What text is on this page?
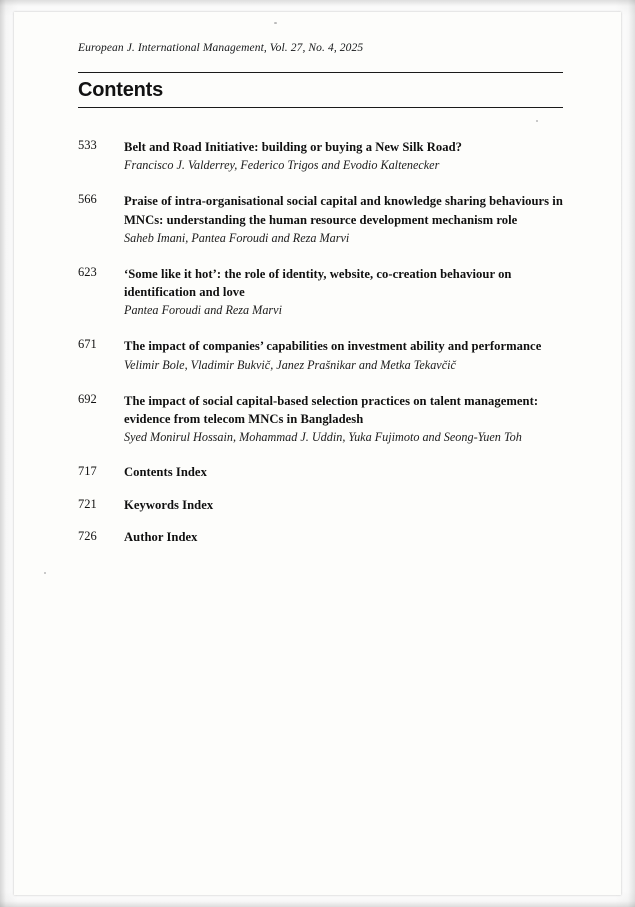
European J. International Management, Vol. 27, No. 4, 2025
Contents
533	Belt and Road Initiative: building or buying a New Silk Road?
Francisco J. Valderrey, Federico Trigos and Evodio Kaltenecker
566	Praise of intra-organisational social capital and knowledge sharing behaviours in MNCs: understanding the human resource development mechanism role
Saheb Imani, Pantea Foroudi and Reza Marvi
623	‘Some like it hot’: the role of identity, website, co-creation behaviour on identification and love
Pantea Foroudi and Reza Marvi
671	The impact of companies’ capabilities on investment ability and performance
Velimir Bole, Vladimir Bukvič, Janez Prašnikar and Metka Tekavčič
692	The impact of social capital-based selection practices on talent management: evidence from telecom MNCs in Bangladesh
Syed Monirul Hossain, Mohammad J. Uddin, Yuka Fujimoto and Seong-Yuen Toh
717	Contents Index
721	Keywords Index
726	Author Index
